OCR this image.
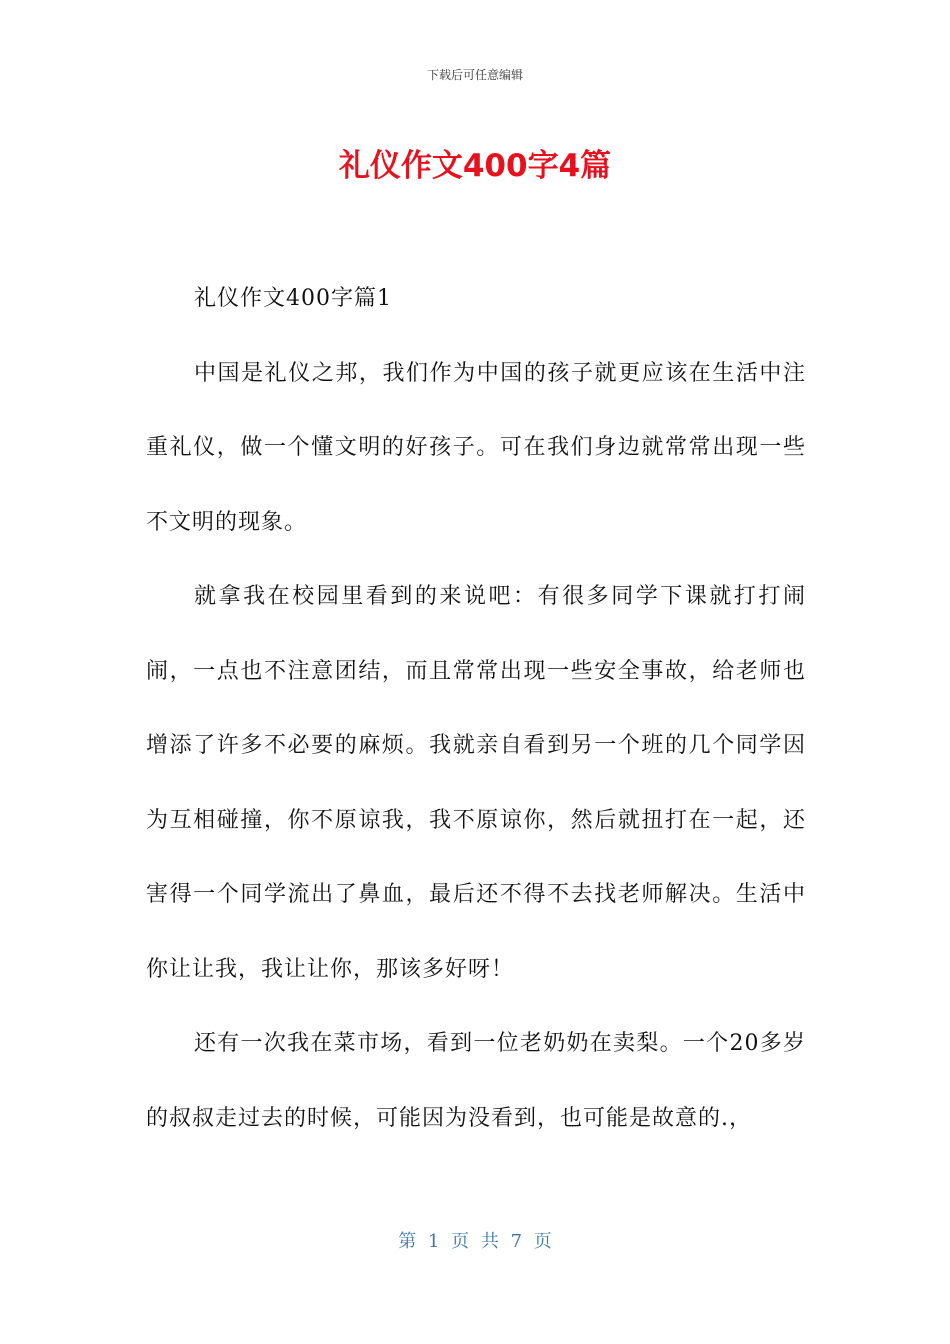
下载后可任意编辑
礼仪作文400字4篇

礼仪作文400字篇1

中国是礼仪之邦，我们作为中国的孩子就更应该在生活中注重礼仪，做一个懂文明的好孩子。可在我们身边就常常出现一些不文明的现象。

就拿我在校园里看到的来说吧：有很多同学下课就打打闹闹，一点也不注意团结，而且常常出现一些安全事故，给老师也增添了许多不必要的麻烦。我就亲自看到另一个班的几个同学因为互相碰撞，你不原谅我，我不原谅你，然后就扭打在一起，还害得一个同学流出了鼻血，最后还不得不去找老师解决。生活中你让让我，我让让你，那该多好呀！

还有一次我在菜市场，看到一位老奶奶在卖梨。一个20多岁的叔叔走过去的时候，可能因为没看到，也可能是故意的.，

第 1 页 共 7 页
